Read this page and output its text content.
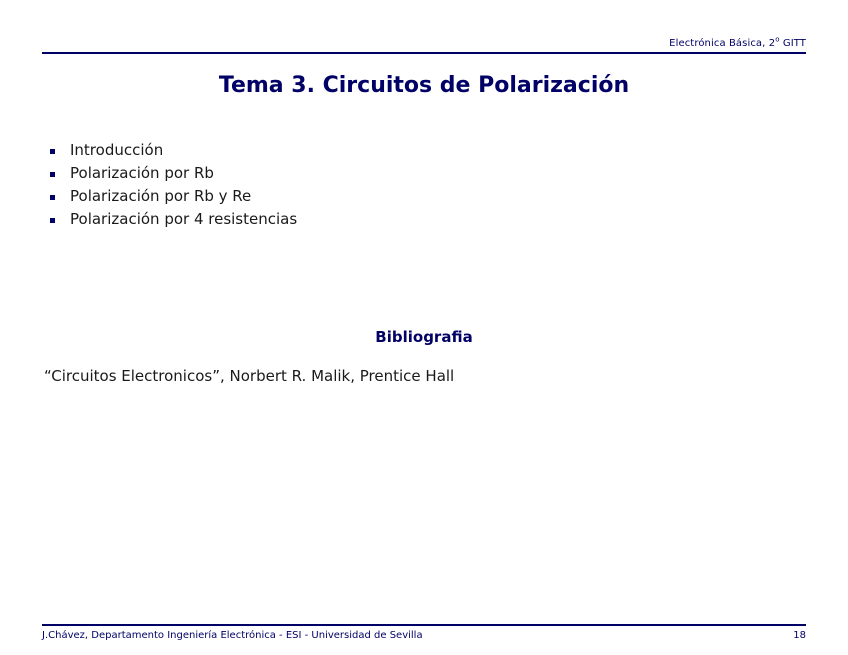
Electrónica Básica, 2$^o$ GITT
Tema 3. Circuitos de Polarización
Introducción
Polarización por Rb
Polarización por Rb y Re
Polarización por 4 resistencias
Bibliografia
“Circuitos Electronicos”, Norbert R. Malik, Prentice Hall
J.Chávez, Departamento Ingeniería Electrónica - ESI - Universidad de Sevilla	18
